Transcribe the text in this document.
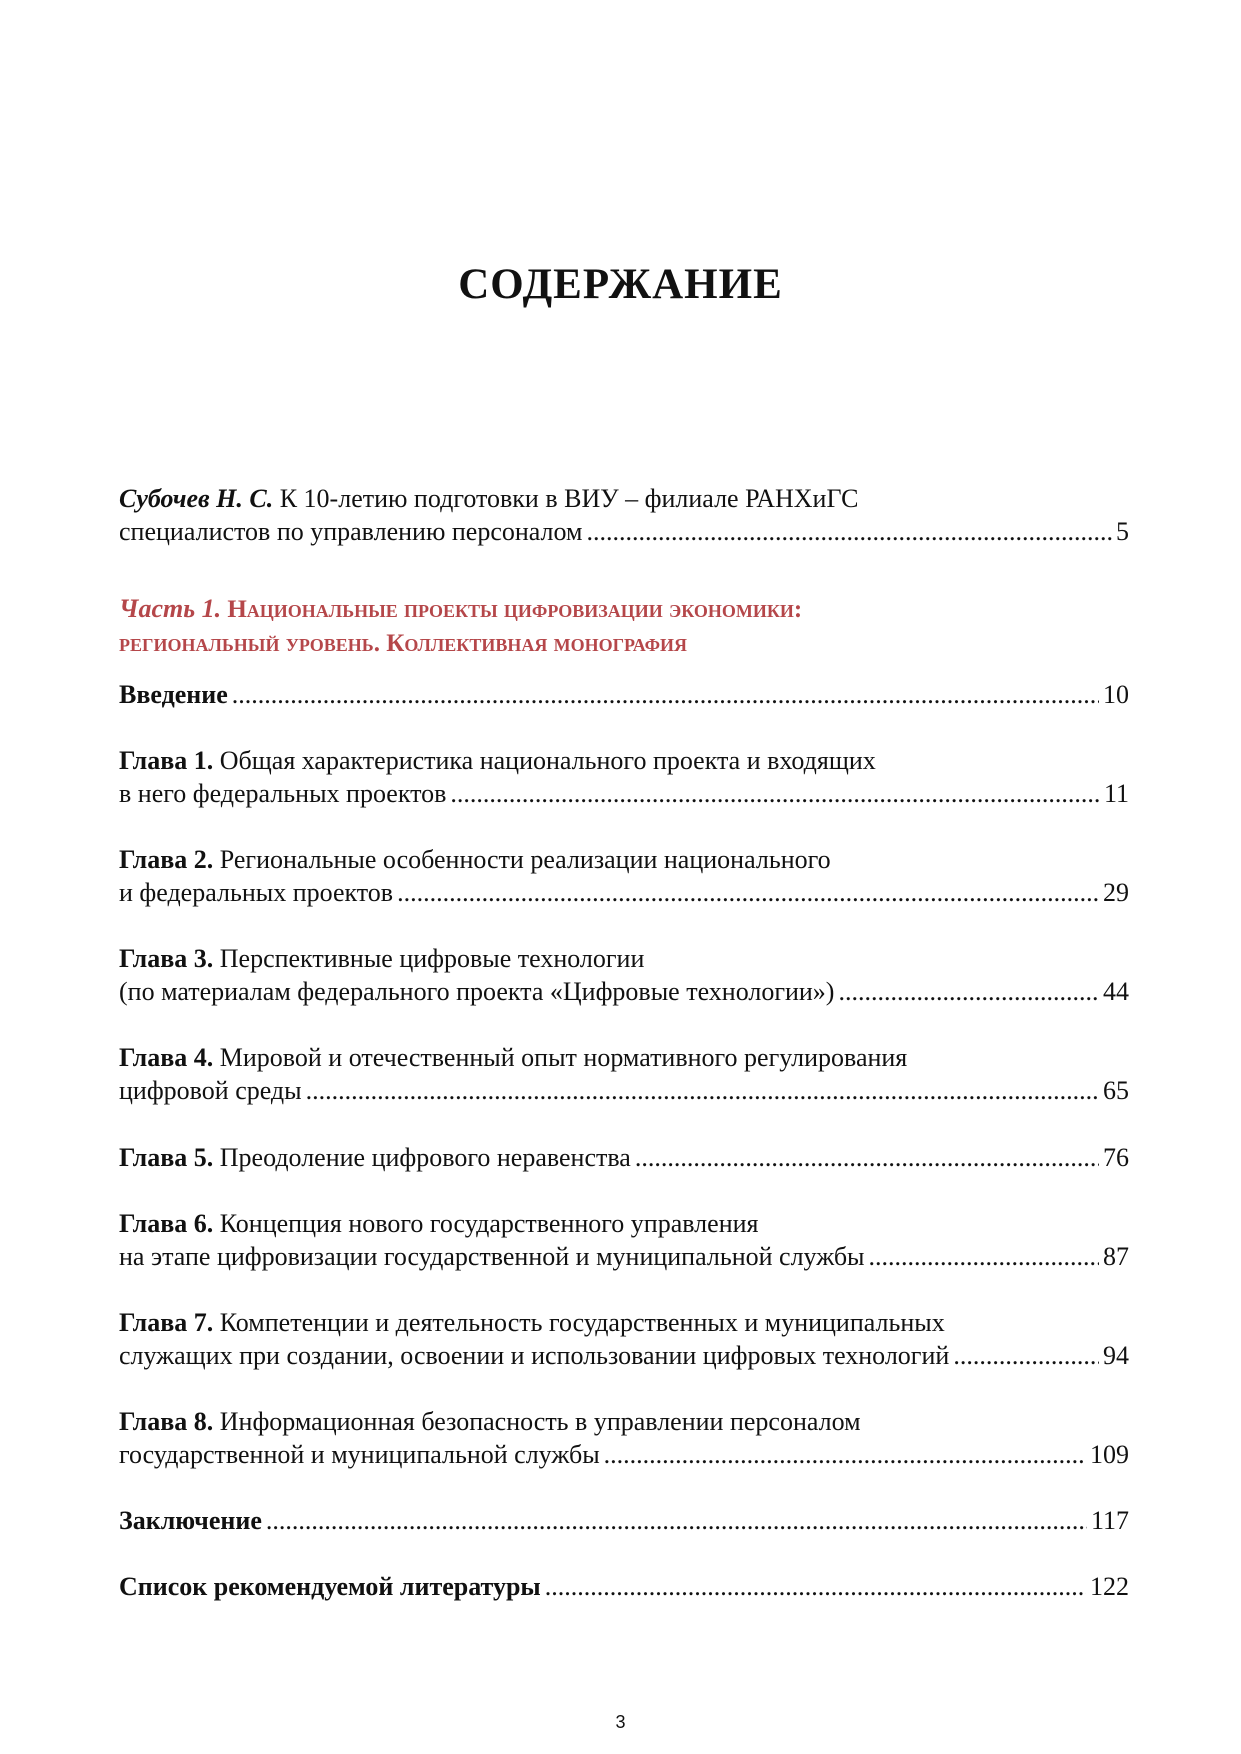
СОДЕРЖАНИЕ
Субочев Н. С. К 10-летию подготовки в ВИУ – филиале РАНХиГС
специалистов по управлению персоналом .....	5
Часть 1. Национальные проекты цифровизации экономики:
региональный уровень. Коллективная монография
Введение .....	10
Глава 1. Общая характеристика национального проекта и входящих
в него федеральных проектов .....	11
Глава 2. Региональные особенности реализации национального
и федеральных проектов .....	29
Глава 3. Перспективные цифровые технологии
(по материалам федерального проекта «Цифровые технологии») .....	44
Глава 4. Мировой и отечественный опыт нормативного регулирования
цифровой среды .....	65
Глава 5. Преодоление цифрового неравенства .....	76
Глава 6. Концепция нового государственного управления
на этапе цифровизации государственной и муниципальной службы .....	87
Глава 7. Компетенции и деятельность государственных и муниципальных
служащих при создании, освоении и использовании цифровых технологий .....	94
Глава 8. Информационная безопасность в управлении персоналом
государственной и муниципальной службы .....	109
Заключение .....	117
Список рекомендуемой литературы .....	122
3
